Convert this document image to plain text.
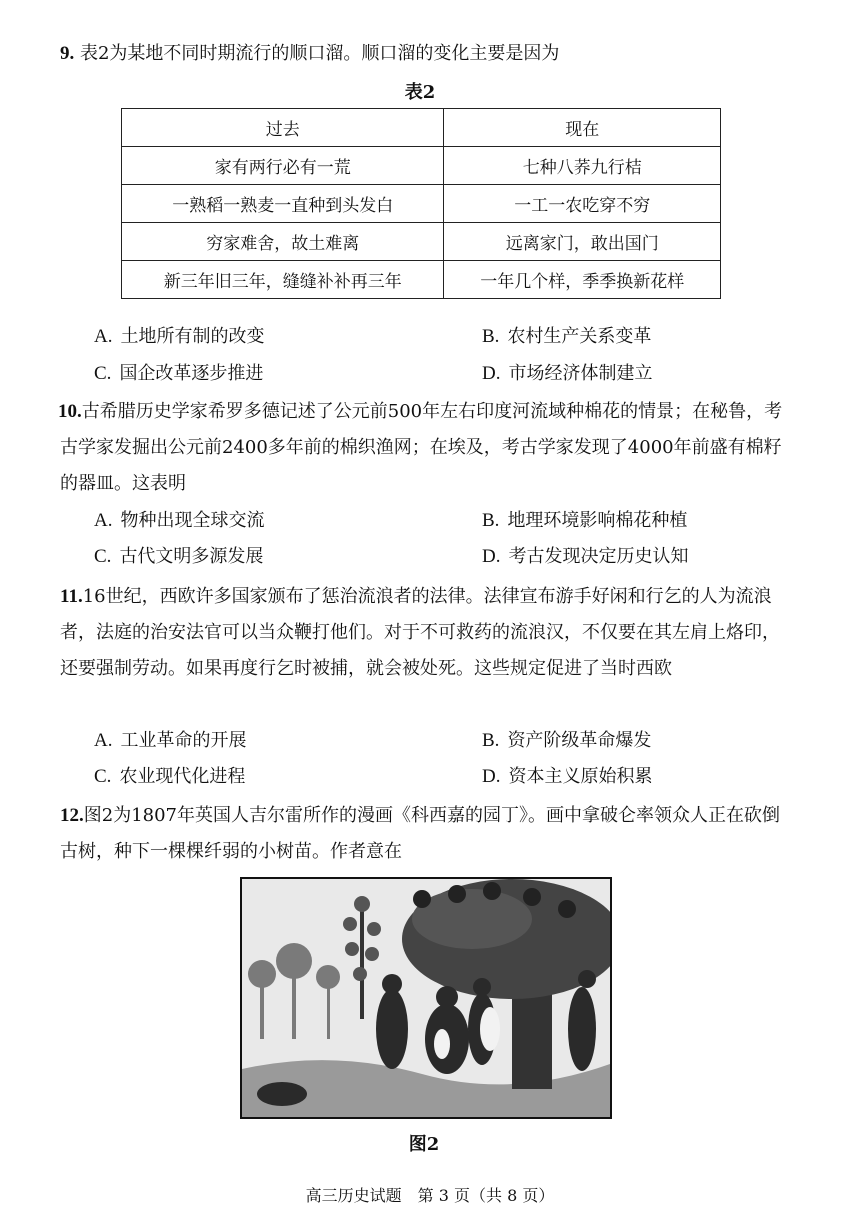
9. 表2为某地不同时期流行的顺口溜。顺口溜的变化主要是因为
表2
过去	现在
家有两行必有一荒	七种八荞九行桔
一熟稻一熟麦一直种到头发白	一工一农吃穿不穷
穷家难舍，故土难离	远离家门，敢出国门
新三年旧三年，缝缝补补再三年	一年几个样，季季换新花样
A. 土地所有制的改变	B. 农村生产关系变革
C. 国企改革逐步推进	D. 市场经济体制建立
10.古希腊历史学家希罗多德记述了公元前500年左右印度河流域种棉花的情景；在秘鲁，考古学家发掘出公元前2400多年前的棉织渔网；在埃及，考古学家发现了4000年前盛有棉籽的器皿。这表明
A. 物种出现全球交流	B. 地理环境影响棉花种植
C. 古代文明多源发展	D. 考古发现决定历史认知
11.16世纪，西欧许多国家颁布了惩治流浪者的法律。法律宣布游手好闲和行乞的人为流浪者，法庭的治安法官可以当众鞭打他们。对于不可救药的流浪汉，不仅要在其左肩上烙印，还要强制劳动。如果再度行乞时被捕，就会被处死。这些规定促进了当时西欧
A. 工业革命的开展	B. 资产阶级革命爆发
C. 农业现代化进程	D. 资本主义原始积累
12.图2为1807年英国人吉尔雷所作的漫画《科西嘉的园丁》。画中拿破仑率领众人正在砍倒古树，种下一棵棵纤弱的小树苗。作者意在
图2
高三历史试题　第 3 页（共 8 页）
